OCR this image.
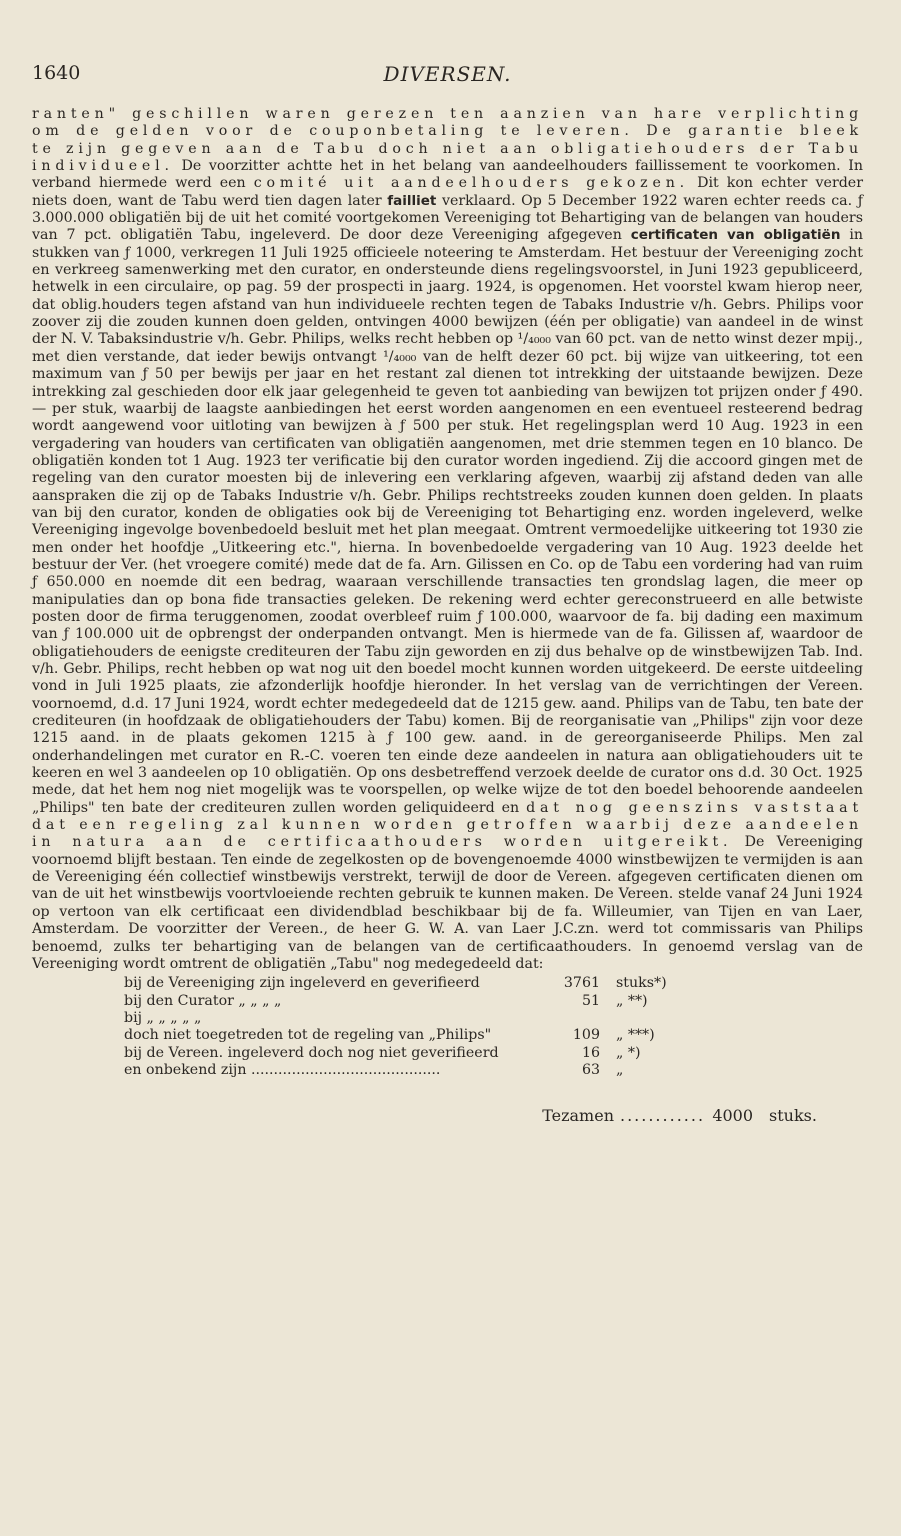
1640	DIVERSEN.

ranten" geschillen waren gerezen ten aanzien van hare verplichting om de gelden voor de couponbetaling te leveren. De garantie bleek te zijn gegeven aan de Tabu doch niet aan obligatiehouders der Tabu individueel. De voorzitter achtte het in het belang van aandeelhouders faillissement te voorkomen. In verband hiermede werd een comité uit aandeelhouders gekozen. Dit kon echter verder niets doen, want de Tabu werd tien dagen later failliet verklaard. Op 5 December 1922 waren echter reeds ca. ƒ 3.000.000 obligatiën bij de uit het comité voortgekomen Vereeniging tot Behartiging van de belangen van houders van 7 pct. obligatiën Tabu, ingeleverd. De door deze Vereeniging afgegeven certificaten van obligatiën in stukken van ƒ 1000, verkregen 11 Juli 1925 officieele noteering te Amsterdam. Het bestuur der Vereeniging zocht en verkreeg samenwerking met den curator, en ondersteunde diens regelingsvoorstel, in Juni 1923 gepubliceerd, hetwelk in een circulaire, op pag. 59 der prospecti in jaarg. 1924, is opgenomen. Het voorstel kwam hierop neer, dat oblig.houders tegen afstand van hun individueele rechten tegen de Tabaks Industrie v/h. Gebrs. Philips voor zoover zij die zouden kunnen doen gelden, ontvingen 4000 bewijzen (één per obligatie) van aandeel in de winst der N. V. Tabaksindustrie v/h. Gebr. Philips, welks recht hebben op ¹/₄₀₀₀ van 60 pct. van de netto winst dezer mpij., met dien verstande, dat ieder bewijs ontvangt ¹/₄₀₀₀ van de helft dezer 60 pct. bij wijze van uitkeering, tot een maximum van ƒ 50 per bewijs per jaar en het restant zal dienen tot intrekking der uitstaande bewijzen. Deze intrekking zal geschieden door elk jaar gelegenheid te geven tot aanbieding van bewijzen tot prijzen onder ƒ 490.— per stuk, waarbij de laagste aanbiedingen het eerst worden aangenomen en een eventueel resteerend bedrag wordt aangewend voor uitloting van bewijzen à ƒ 500 per stuk. Het regelingsplan werd 10 Aug. 1923 in een vergadering van houders van certificaten van obligatiën aangenomen, met drie stemmen tegen en 10 blanco. De obligatiën konden tot 1 Aug. 1923 ter verificatie bij den curator worden ingediend. Zij die accoord gingen met de regeling van den curator moesten bij de inlevering een verklaring afgeven, waarbij zij afstand deden van alle aanspraken die zij op de Tabaks Industrie v/h. Gebr. Philips rechtstreeks zouden kunnen doen gelden. In plaats van bij den curator, konden de obligaties ook bij de Vereeniging tot Behartiging enz. worden ingeleverd, welke Vereeniging ingevolge bovenbedoeld besluit met het plan meegaat. Omtrent vermoedelijke uitkeering tot 1930 zie men onder het hoofdje „Uitkeering etc.", hierna. In bovenbedoelde vergadering van 10 Aug. 1923 deelde het bestuur der Ver. (het vroegere comité) mede dat de fa. Arn. Gilissen en Co. op de Tabu een vordering had van ruim ƒ 650.000 en noemde dit een bedrag, waaraan verschillende transacties ten grondslag lagen, die meer op manipulaties dan op bona fide transacties geleken. De rekening werd echter gereconstrueerd en alle betwiste posten door de firma teruggenomen, zoodat overbleef ruim ƒ 100.000, waarvoor de fa. bij dading een maximum van ƒ 100.000 uit de opbrengst der onderpanden ontvangt. Men is hiermede van de fa. Gilissen af, waardoor de obligatiehouders de eenigste crediteuren der Tabu zijn geworden en zij dus behalve op de winstbewijzen Tab. Ind. v/h. Gebr. Philips, recht hebben op wat nog uit den boedel mocht kunnen worden uitgekeerd. De eerste uitdeeling vond in Juli 1925 plaats, zie afzonderlijk hoofdje hieronder. In het verslag van de verrichtingen der Vereen. voornoemd, d.d. 17 Juni 1924, wordt echter medegedeeld dat de 1215 gew. aand. Philips van de Tabu, ten bate der crediteuren (in hoofdzaak de obligatiehouders der Tabu) komen. Bij de reorganisatie van „Philips" zijn voor deze 1215 aand. in de plaats gekomen 1215 à ƒ 100 gew. aand. in de gereorganiseerde Philips. Men zal onderhandelingen met curator en R.-C. voeren ten einde deze aandeelen in natura aan obligatiehouders uit te keeren en wel 3 aandeelen op 10 obligatiën. Op ons desbetreffend verzoek deelde de curator ons d.d. 30 Oct. 1925 mede, dat het hem nog niet mogelijk was te voorspellen, op welke wijze de tot den boedel behoorende aandeelen „Philips" ten bate der crediteuren zullen worden geliquideerd en dat nog geenszins vaststaat dat een regeling zal kunnen worden getroffen waarbij deze aandeelen in natura aan de certificaathouders worden uitgereikt. De Vereeniging voornoemd blijft bestaan. Ten einde de zegelkosten op de bovengenoemde 4000 winstbewijzen te vermijden is aan de Vereeniging één collectief winstbewijs verstrekt, terwijl de door de Vereen. afgegeven certificaten dienen om van de uit het winstbewijs voortvloeiende rechten gebruik te kunnen maken. De Vereen. stelde vanaf 24 Juni 1924 op vertoon van elk certificaat een dividendblad beschikbaar bij de fa. Willeumier, van Tijen en van Laer, Amsterdam. De voorzitter der Vereen., de heer G. W. A. van Laer J.C.zn. werd tot commissaris van Philips benoemd, zulks ter behartiging van de belangen van de certificaathouders. In genoemd verslag van de Vereeniging wordt omtrent de obligatiën „Tabu" nog medegedeeld dat:

bij de Vereeniging zijn ingeleverd en geverifieerd	3761	stuks*)
bij den Curator „ „ „ „	51	„ **)
bij „ „ „ „ „
doch niet toegetreden tot de regeling van „Philips"	109	„ ***)
bij de Vereen. ingeleverd doch nog niet geverifieerd	16	„ *)
en onbekend zijn ..........................................	63	„
Tezamen ............ 4000	stuks.
